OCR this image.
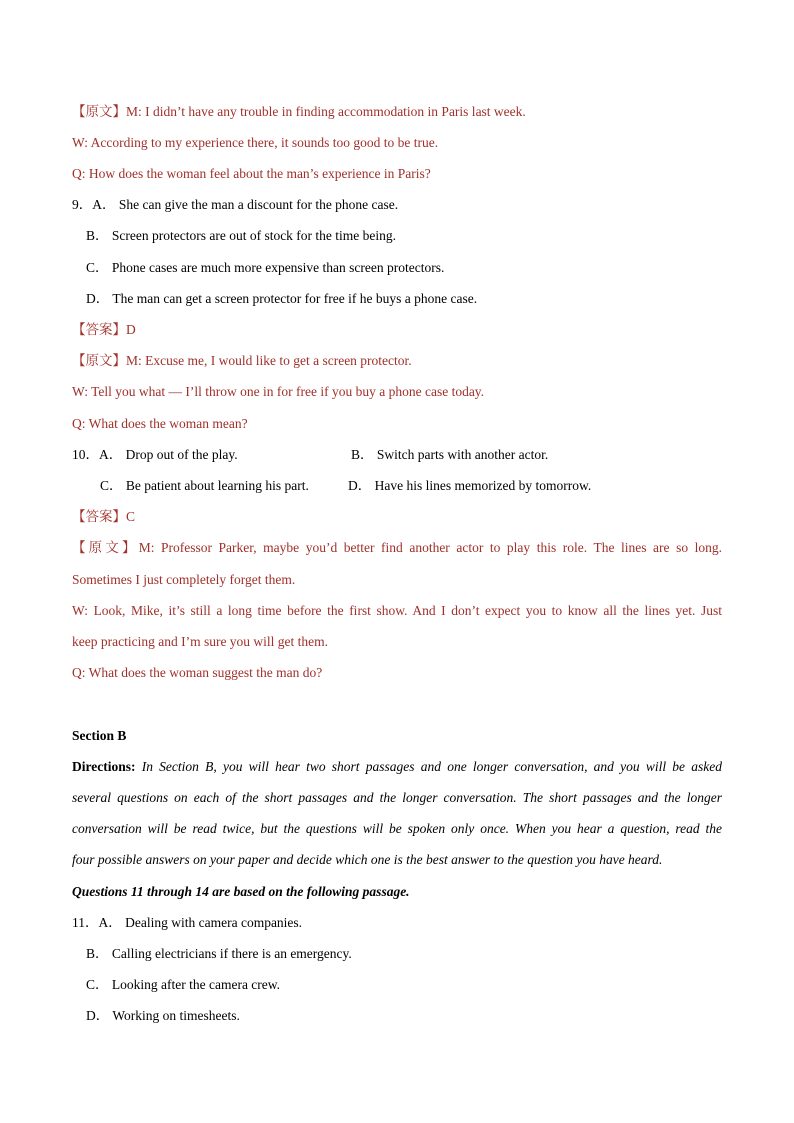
【原文】M: I didn’t have any trouble in finding accommodation in Paris last week.
W: According to my experience there, it sounds too good to be true.
Q: How does the woman feel about the man’s experience in Paris?
9．A． She can give the man a discount for the phone case.
B． Screen protectors are out of stock for the time being.
C． Phone cases are much more expensive than screen protectors.
D． The man can get a screen protector for free if he buys a phone case.
【答案】D
【原文】M: Excuse me, I would like to get a screen protector.
W: Tell you what — I’ll throw one in for free if you buy a phone case today.
Q: What does the woman mean?
10．A． Drop out of the play.	B． Switch parts with another actor.
C． Be patient about learning his part.	D． Have his lines memorized by tomorrow.
【答案】C
【原文】M: Professor Parker, maybe you’d better find another actor to play this role. The lines are so long.
Sometimes I just completely forget them.
W: Look, Mike, it’s still a long time before the first show. And I don’t expect you to know all the lines yet. Just
keep practicing and I’m sure you will get them.
Q: What does the woman suggest the man do?
Section B
Directions: In Section B, you will hear two short passages and one longer conversation, and you will be asked
several questions on each of the short passages and the longer conversation. The short passages and the longer
conversation will be read twice, but the questions will be spoken only once. When you hear a question, read the
four possible answers on your paper and decide which one is the best answer to the question you have heard.
Questions 11 through 14 are based on the following passage.
11．A． Dealing with camera companies.
B． Calling electricians if there is an emergency.
C． Looking after the camera crew.
D． Working on timesheets.
